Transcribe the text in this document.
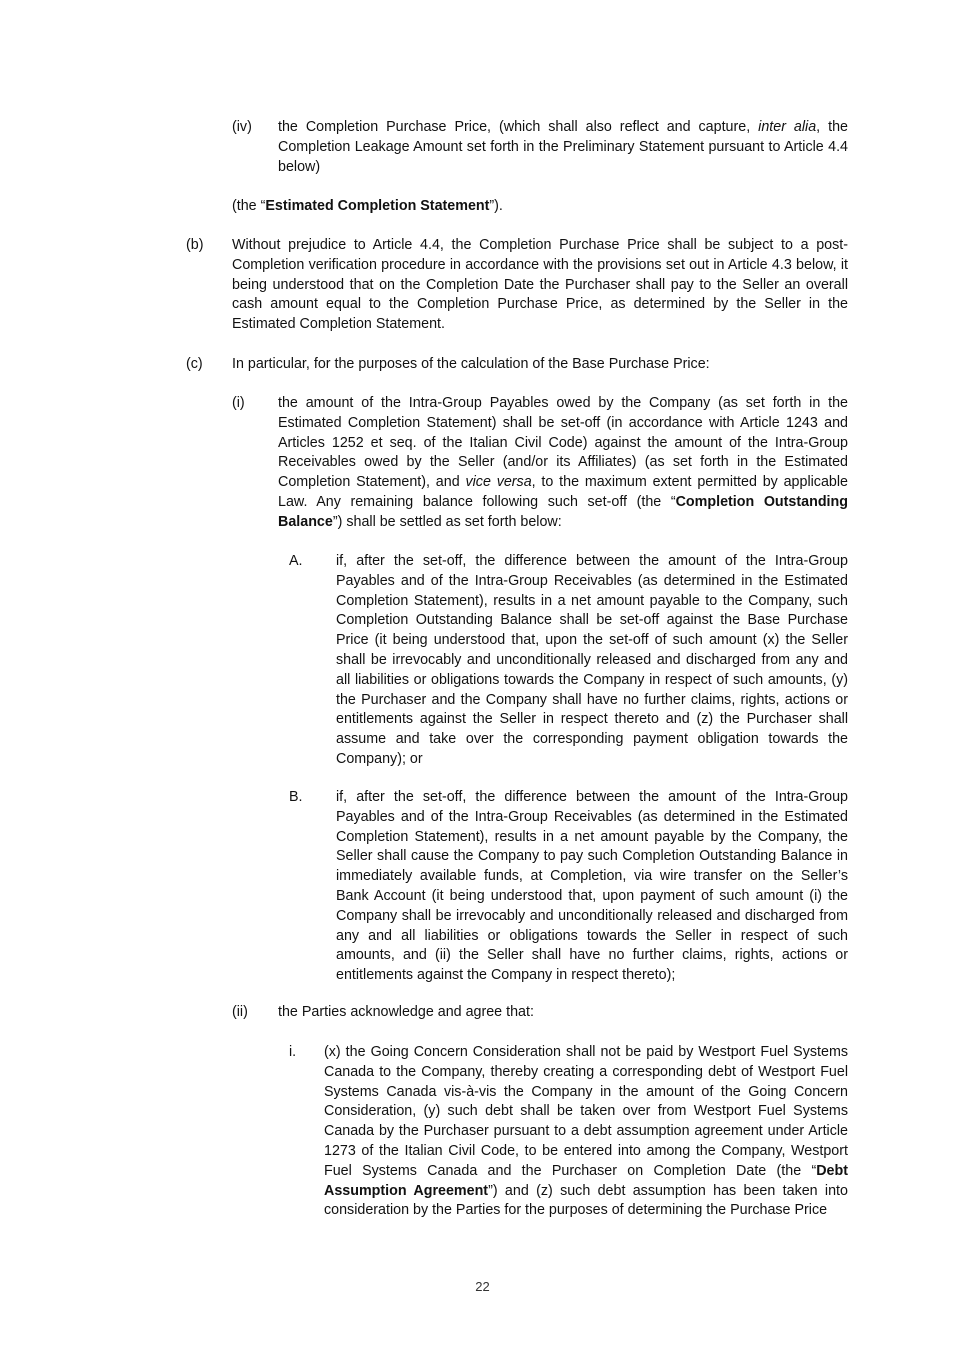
(iv) the Completion Purchase Price, (which shall also reflect and capture, inter alia, the Completion Leakage Amount set forth in the Preliminary Statement pursuant to Article 4.4 below)
(the “Estimated Completion Statement”).
(b) Without prejudice to Article 4.4, the Completion Purchase Price shall be subject to a post-Completion verification procedure in accordance with the provisions set out in Article 4.3 below, it being understood that on the Completion Date the Purchaser shall pay to the Seller an overall cash amount equal to the Completion Purchase Price, as determined by the Seller in the Estimated Completion Statement.
(c) In particular, for the purposes of the calculation of the Base Purchase Price:
(i) the amount of the Intra-Group Payables owed by the Company (as set forth in the Estimated Completion Statement) shall be set-off (in accordance with Article 1243 and Articles 1252 et seq. of the Italian Civil Code) against the amount of the Intra-Group Receivables owed by the Seller (and/or its Affiliates) (as set forth in the Estimated Completion Statement), and vice versa, to the maximum extent permitted by applicable Law. Any remaining balance following such set-off (the “Completion Outstanding Balance”) shall be settled as set forth below:
A. if, after the set-off, the difference between the amount of the Intra-Group Payables and of the Intra-Group Receivables (as determined in the Estimated Completion Statement), results in a net amount payable to the Company, such Completion Outstanding Balance shall be set-off against the Base Purchase Price (it being understood that, upon the set-off of such amount (x) the Seller shall be irrevocably and unconditionally released and discharged from any and all liabilities or obligations towards the Company in respect of such amounts, (y) the Purchaser and the Company shall have no further claims, rights, actions or entitlements against the Seller in respect thereto and (z) the Purchaser shall assume and take over the corresponding payment obligation towards the Company); or
B. if, after the set-off, the difference between the amount of the Intra-Group Payables and of the Intra-Group Receivables (as determined in the Estimated Completion Statement), results in a net amount payable by the Company, the Seller shall cause the Company to pay such Completion Outstanding Balance in immediately available funds, at Completion, via wire transfer on the Seller’s Bank Account (it being understood that, upon payment of such amount (i) the Company shall be irrevocably and unconditionally released and discharged from any and all liabilities or obligations towards the Seller in respect of such amounts, and (ii) the Seller shall have no further claims, rights, actions or entitlements against the Company in respect thereto);
(ii) the Parties acknowledge and agree that:
i. (x) the Going Concern Consideration shall not be paid by Westport Fuel Systems Canada to the Company, thereby creating a corresponding debt of Westport Fuel Systems Canada vis-à-vis the Company in the amount of the Going Concern Consideration, (y) such debt shall be taken over from Westport Fuel Systems Canada by the Purchaser pursuant to a debt assumption agreement under Article 1273 of the Italian Civil Code, to be entered into among the Company, Westport Fuel Systems Canada and the Purchaser on Completion Date (the “Debt Assumption Agreement”) and (z) such debt assumption has been taken into consideration by the Parties for the purposes of determining the Purchase Price
22
